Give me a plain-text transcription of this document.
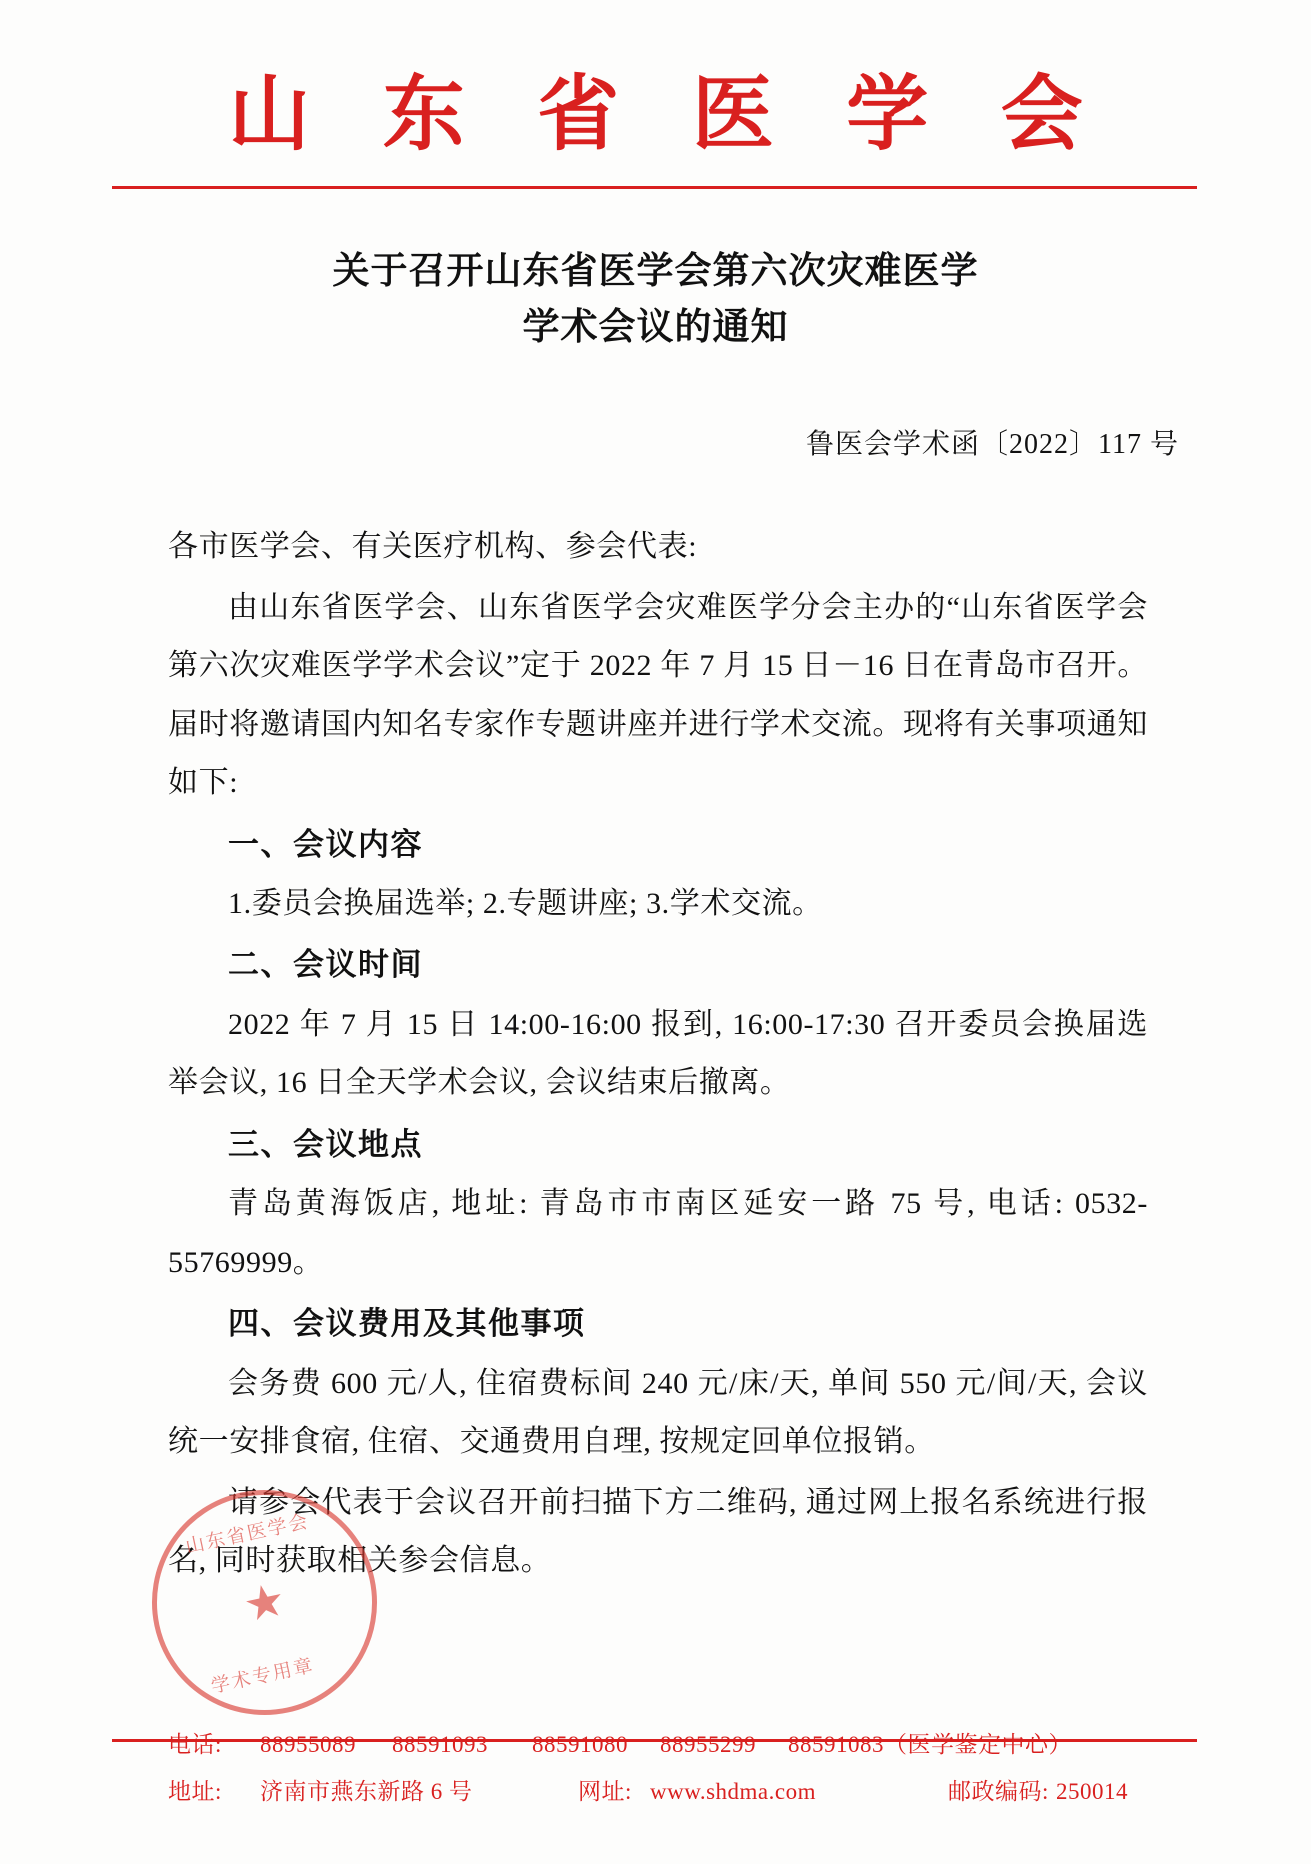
山 东 省 医 学 会
关于召开山东省医学会第六次灾难医学
学术会议的通知
鲁医会学术函〔2022〕117 号

各市医学会、有关医疗机构、参会代表:

由山东省医学会、山东省医学会灾难医学分会主办的“山东省医学会第六次灾难医学学术会议”定于 2022 年 7 月 15 日－16 日在青岛市召开。届时将邀请国内知名专家作专题讲座并进行学术交流。现将有关事项通知如下:

一、会议内容

1.委员会换届选举; 2.专题讲座; 3.学术交流。

二、会议时间

2022 年 7 月 15 日 14:00-16:00 报到, 16:00-17:30 召开委员会换届选举会议, 16 日全天学术会议, 会议结束后撤离。

三、会议地点

青岛黄海饭店, 地址: 青岛市市南区延安一路 75 号, 电话: 0532-55769999。

四、会议费用及其他事项

会务费 600 元/人, 住宿费标间 240 元/床/天, 单间 550 元/间/天, 会议统一安排食宿, 住宿、交通费用自理, 按规定回单位报销。

请参会代表于会议召开前扫描下方二维码, 通过网上报名系统进行报名, 同时获取相关参会信息。

山东省医学会
学术专用章
★
电话:	88955089	88591093	88591080	88955299	88591083（医学鉴定中心）
地址:	济南市燕东新路 6 号	网址: www.shdma.com	邮政编码: 250014
